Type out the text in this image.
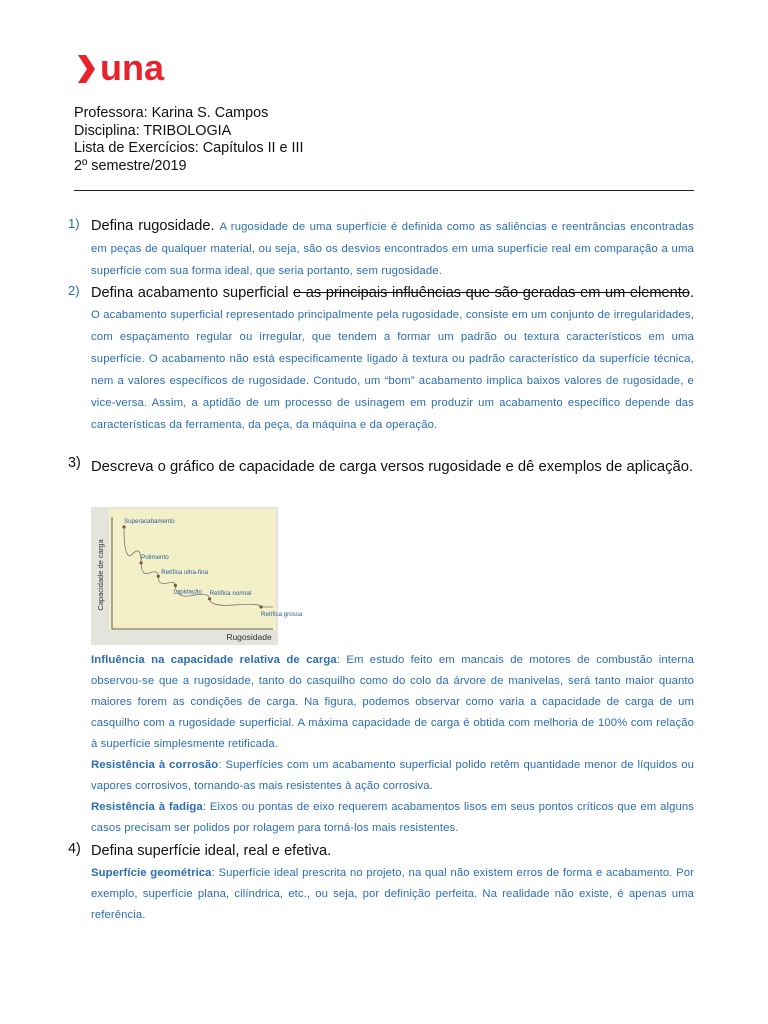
una
Professora: Karina S. Campos
Disciplina: TRIBOLOGIA
Lista de Exercícios: Capítulos II e III
2º semestre/2019
1) Defina rugosidade. A rugosidade de uma superfície é definida como as saliências e reentrâncias encontradas em peças de qualquer material, ou seja, são os desvios encontrados em uma superfície real em comparação a uma superfície com sua forma ideal, que seria portanto, sem rugosidade.
2) Defina acabamento superficial e as principais influências que são geradas em um elemento. O acabamento superficial representado principalmente pela rugosidade, consiste em um conjunto de irregularidades, com espaçamento regular ou irregular, que tendem a formar um padrão ou textura característicos em uma superfície. O acabamento não está especificamente ligado à textura ou padrão característico da superfície técnica, nem a valores específicos de rugosidade. Contudo, um “bom” acabamento implica baixos valores de rugosidade, e vice-versa. Assim, a aptidão de um processo de usinagem em produzir um acabamento específico depende das características da ferramenta, da peça, da máquina e da operação.
3) Descreva o gráfico de capacidade de carga versos rugosidade e dê exemplos de aplicação.
Capacidade de carga
Rugosidade
Superacabamento
Polimento
Retífica ultra-fina
Lapidação Retífica normal
Retífica grossa
Influência na capacidade relativa de carga: Em estudo feito em mancais de motores de combustão interna observou-se que a rugosidade, tanto do casquilho como do colo da árvore de manivelas, será tanto maior quanto maiores forem as condições de carga. Na figura, podemos observar como varia a capacidade de carga de um casquilho com a rugosidade superficial. A máxima capacidade de carga é obtida com melhoria de 100% com relação à superfície simplesmente retificada.
Resistência à corrosão: Superfícies com um acabamento superficial polido retêm quantidade menor de líquidos ou vapores corrosivos, tornando-as mais resistentes à ação corrosiva.
Resistência à fadiga: Eixos ou pontas de eixo requerem acabamentos lisos em seus pontos críticos que em alguns casos precisam ser polidos por rolagem para torná-los mais resistentes.
4) Defina superfície ideal, real e efetiva.
Superfície geométrica: Superfície ideal prescrita no projeto, na qual não existem erros de forma e acabamento. Por exemplo, superfície plana, cilíndrica, etc., ou seja, por definição perfeita. Na realidade não existe, é apenas uma referência.
